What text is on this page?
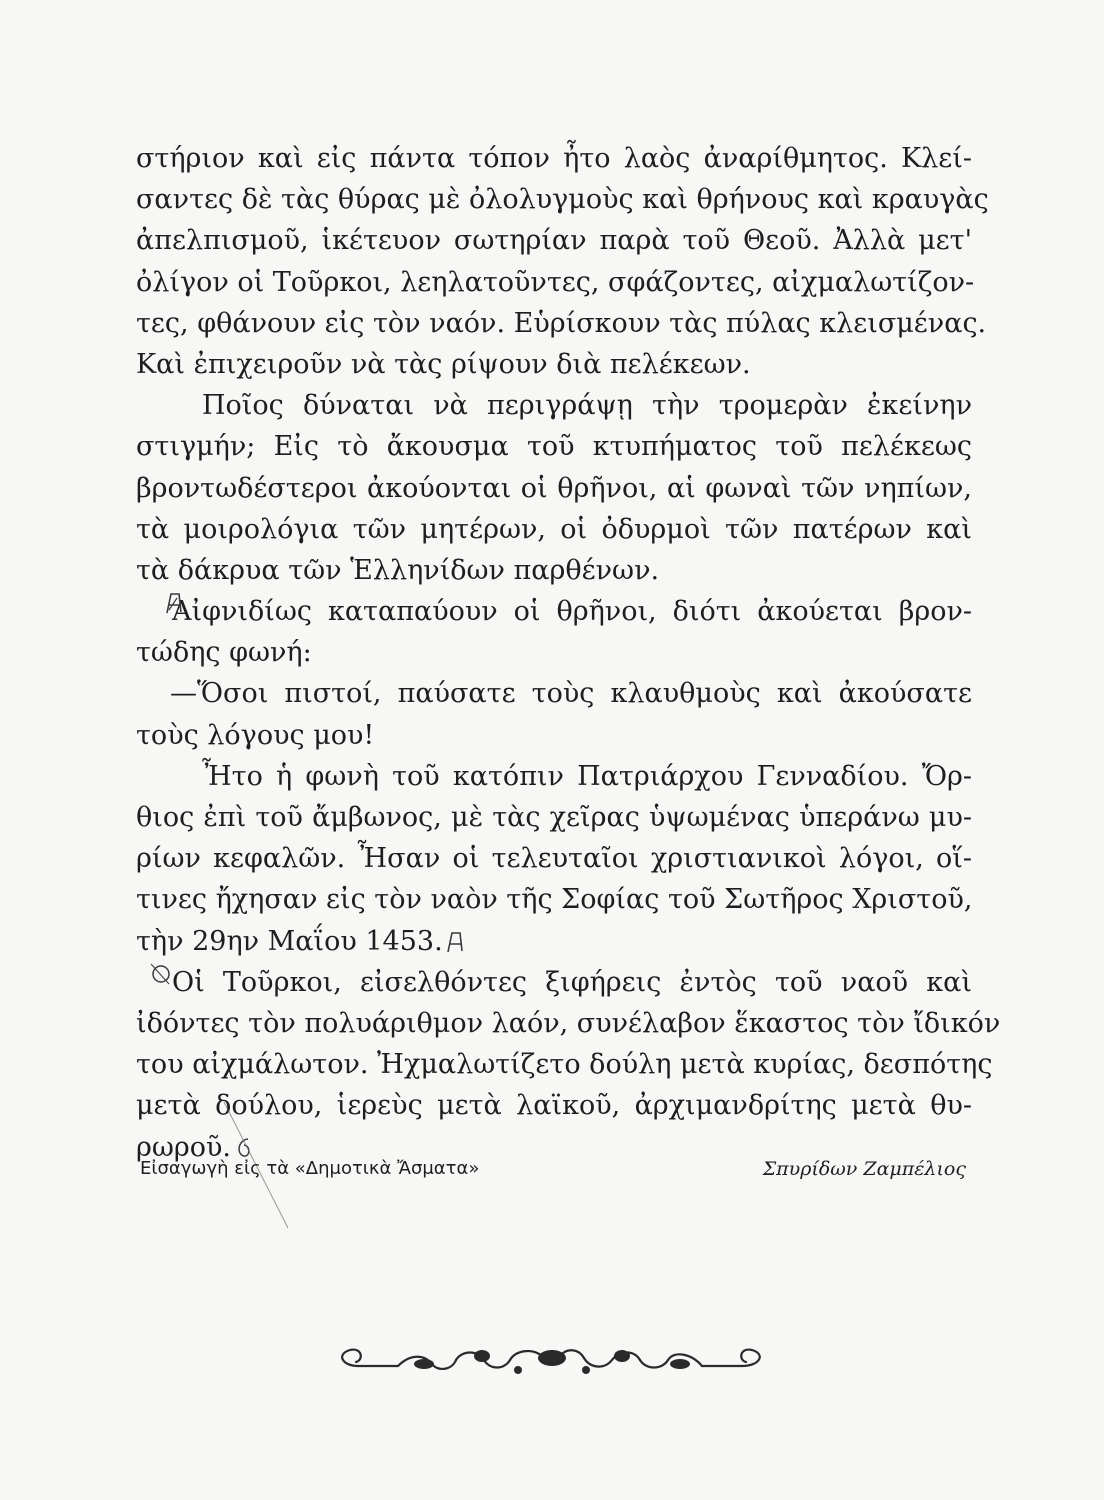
στήριον καὶ εἰς πάντα τόπον ἦτο λαὸς ἀναρίθμητος. Κλεί-
σαντες δὲ τὰς θύρας μὲ ὀλολυγμοὺς καὶ θρήνους καὶ κραυγὰς
ἀπελπισμοῦ, ἱκέτευον σωτηρίαν παρὰ τοῦ Θεοῦ. Ἀλλὰ μετ'
ὀλίγον οἱ Τοῦρκοι, λεηλατοῦντες, σφάζοντες, αἰχμαλωτίζον-
τες, φθάνουν εἰς τὸν ναόν. Εὑρίσκουν τὰς πύλας κλεισμένας.
Καὶ ἐπιχειροῦν νὰ τὰς ρίψουν διὰ πελέκεων.
Ποῖος δύναται νὰ περιγράψῃ τὴν τρομερὰν ἐκείνην
στιγμήν; Εἰς τὸ ἄκουσμα τοῦ κτυπήματος τοῦ πελέκεως
βροντωδέστεροι ἀκούονται οἱ θρῆνοι, αἱ φωναὶ τῶν νηπίων,
τὰ μοιρολόγια τῶν μητέρων, οἱ ὀδυρμοὶ τῶν πατέρων καὶ
τὰ δάκρυα τῶν Ἑλληνίδων παρθένων.
Αἰφνιδίως καταπαύουν οἱ θρῆνοι, διότι ἀκούεται βρον-
τώδης φωνή:
—Ὅσοι πιστοί, παύσατε τοὺς κλαυθμοὺς καὶ ἀκούσατε
τοὺς λόγους μου!
Ἦτο ἡ φωνὴ τοῦ κατόπιν Πατριάρχου Γενναδίου. Ὄρ-
θιος ἐπὶ τοῦ ἄμβωνος, μὲ τὰς χεῖρας ὑψωμένας ὑπεράνω μυ-
ρίων κεφαλῶν. Ἦσαν οἱ τελευταῖοι χριστιανικοὶ λόγοι, οἵ-
τινες ἤχησαν εἰς τὸν ναὸν τῆς Σοφίας τοῦ Σωτῆρος Χριστοῦ,
τὴν 29ην Μαΐου 1453.
Οἱ Τοῦρκοι, εἰσελθόντες ξιφήρεις ἐντὸς τοῦ ναοῦ καὶ
ἰδόντες τὸν πολυάριθμον λαόν, συνέλαβον ἕκαστος τὸν ἴδικόν
του αἰχμάλωτον. Ἠχμαλωτίζετο δούλη μετὰ κυρίας, δεσπότης
μετὰ δούλου, ἱερεὺς μετὰ λαϊκοῦ, ἀρχιμανδρίτης μετὰ θυ-
ρωροῦ.
Εἰσαγωγὴ εἰς τὰ «Δημοτικὰ Ἄσματα»	Σπυρίδων Ζαμπέλιος
